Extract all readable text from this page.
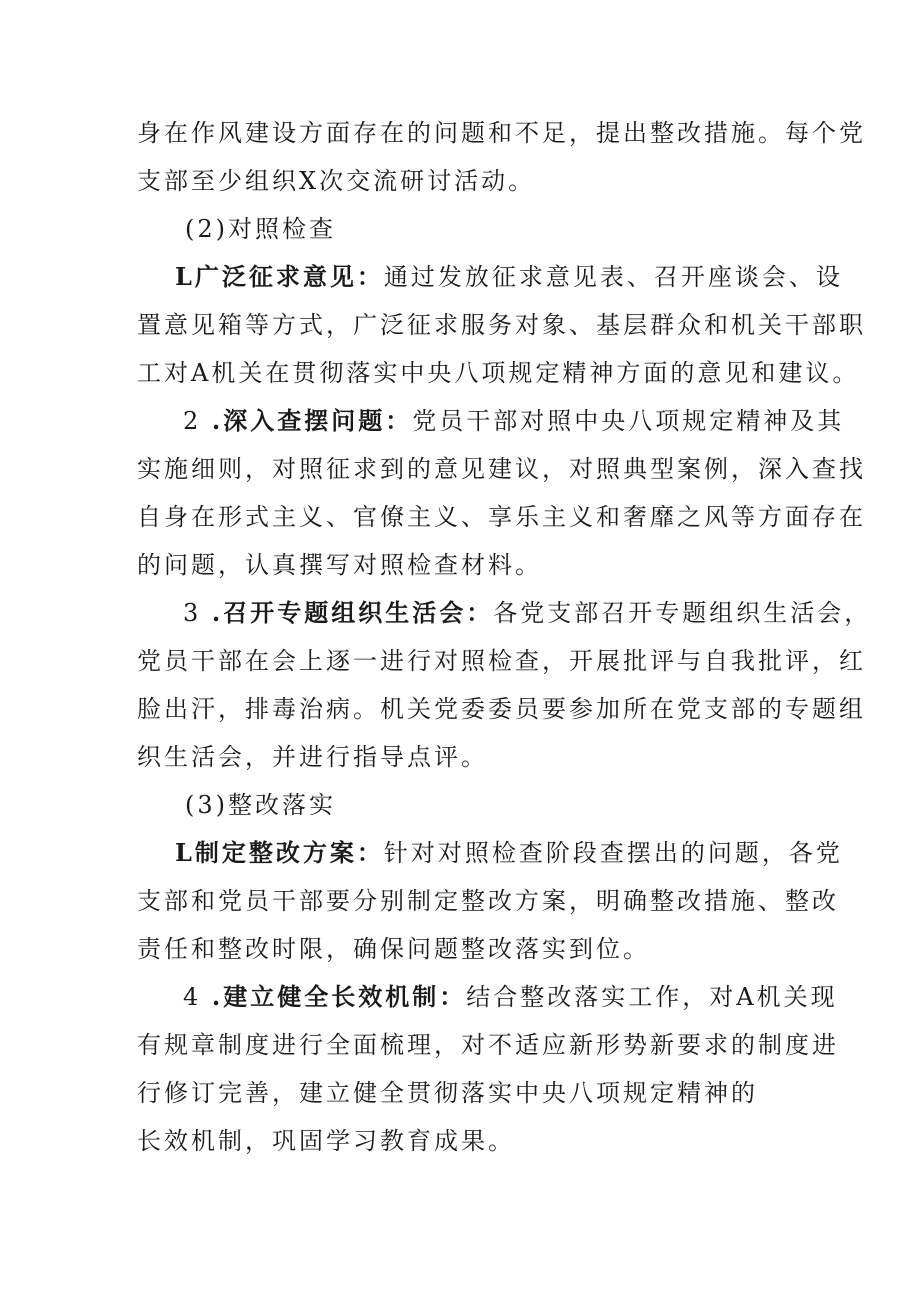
身在作风建设方面存在的问题和不足，提出整改措施。每个党
支部至少组织X次交流研讨活动。
(2)对照检查
L广泛征求意见：通过发放征求意见表、召开座谈会、设
置意见箱等方式，广泛征求服务对象、基层群众和机关干部职
工对A机关在贯彻落实中央八项规定精神方面的意见和建议。
2 .深入查摆问题：党员干部对照中央八项规定精神及其
实施细则，对照征求到的意见建议，对照典型案例，深入查找
自身在形式主义、官僚主义、享乐主义和奢靡之风等方面存在
的问题，认真撰写对照检查材料。
3 .召开专题组织生活会：各党支部召开专题组织生活会，
党员干部在会上逐一进行对照检查，开展批评与自我批评，红
脸出汗，排毒治病。机关党委委员要参加所在党支部的专题组
织生活会，并进行指导点评。
(3)整改落实
L制定整改方案：针对对照检查阶段查摆出的问题，各党
支部和党员干部要分别制定整改方案，明确整改措施、整改
责任和整改时限，确保问题整改落实到位。
4 .建立健全长效机制：结合整改落实工作，对A机关现
有规章制度进行全面梳理，对不适应新形势新要求的制度进
行修订完善，建立健全贯彻落实中央八项规定精神的
长效机制，巩固学习教育成果。
